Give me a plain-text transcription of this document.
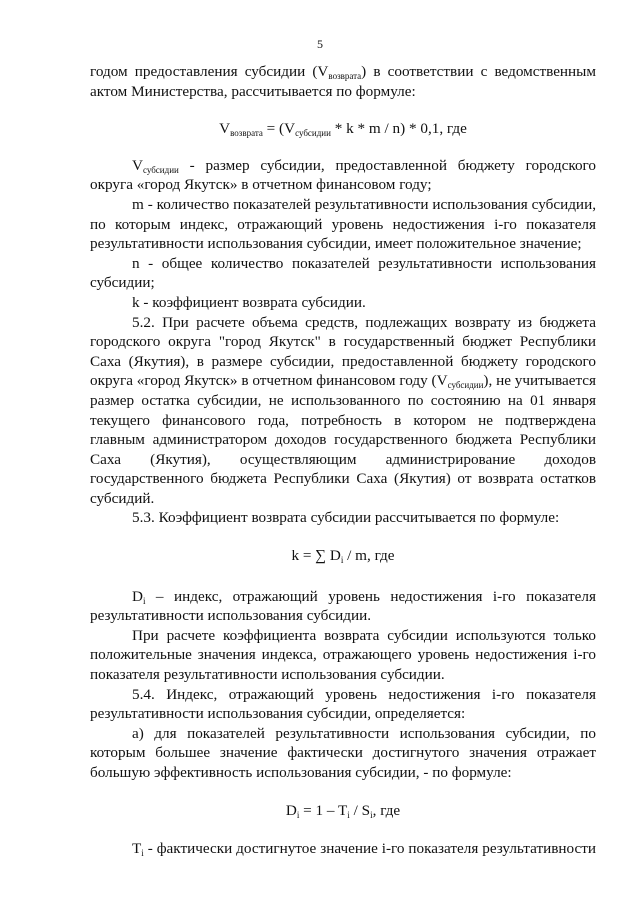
5

годом предоставления субсидии $(V_{возврата})$ в соответствии с ведомственным актом Министерства, рассчитывается по формуле:

$V_{возврата} = (V_{субсидии} * k * m / n) * 0,1$, где

$V_{субсидии}$ - размер субсидии, предоставленной бюджету городского округа «город Якутск» в отчетном финансовом году;

m - количество показателей результативности использования субсидии, по которым индекс, отражающий уровень недостижения i-го показателя результативности использования субсидии, имеет положительное значение;

n - общее количество показателей результативности использования субсидии;

k - коэффициент возврата субсидии.

5.2. При расчете объема средств, подлежащих возврату из бюджета городского округа "город Якутск" в государственный бюджет Республики Саха (Якутия), в размере субсидии, предоставленной бюджету городского округа «город Якутск» в отчетном финансовом году $(V_{субсидии})$, не учитывается размер остатка субсидии, не использованного по состоянию на 01 января текущего финансового года, потребность в котором не подтверждена главным администратором доходов государственного бюджета Республики Саха (Якутия), осуществляющим администрирование доходов государственного бюджета Республики Саха (Якутия) от возврата остатков субсидий.

5.3. Коэффициент возврата субсидии рассчитывается по формуле:

k = ∑ $D_i$ / m, где

$D_i$ – индекс, отражающий уровень недостижения i-го показателя результативности использования субсидии.

При расчете коэффициента возврата субсидии используются только положительные значения индекса, отражающего уровень недостижения i-го показателя результативности использования субсидии.

5.4. Индекс, отражающий уровень недостижения i-го показателя результативности использования субсидии, определяется:

а) для показателей результативности использования субсидии, по которым большее значение фактически достигнутого значения отражает большую эффективность использования субсидии, - по формуле:

$D_i = 1 - T_i / S_i$, где

$T_i$ - фактически достигнутое значение i-го показателя результативности
